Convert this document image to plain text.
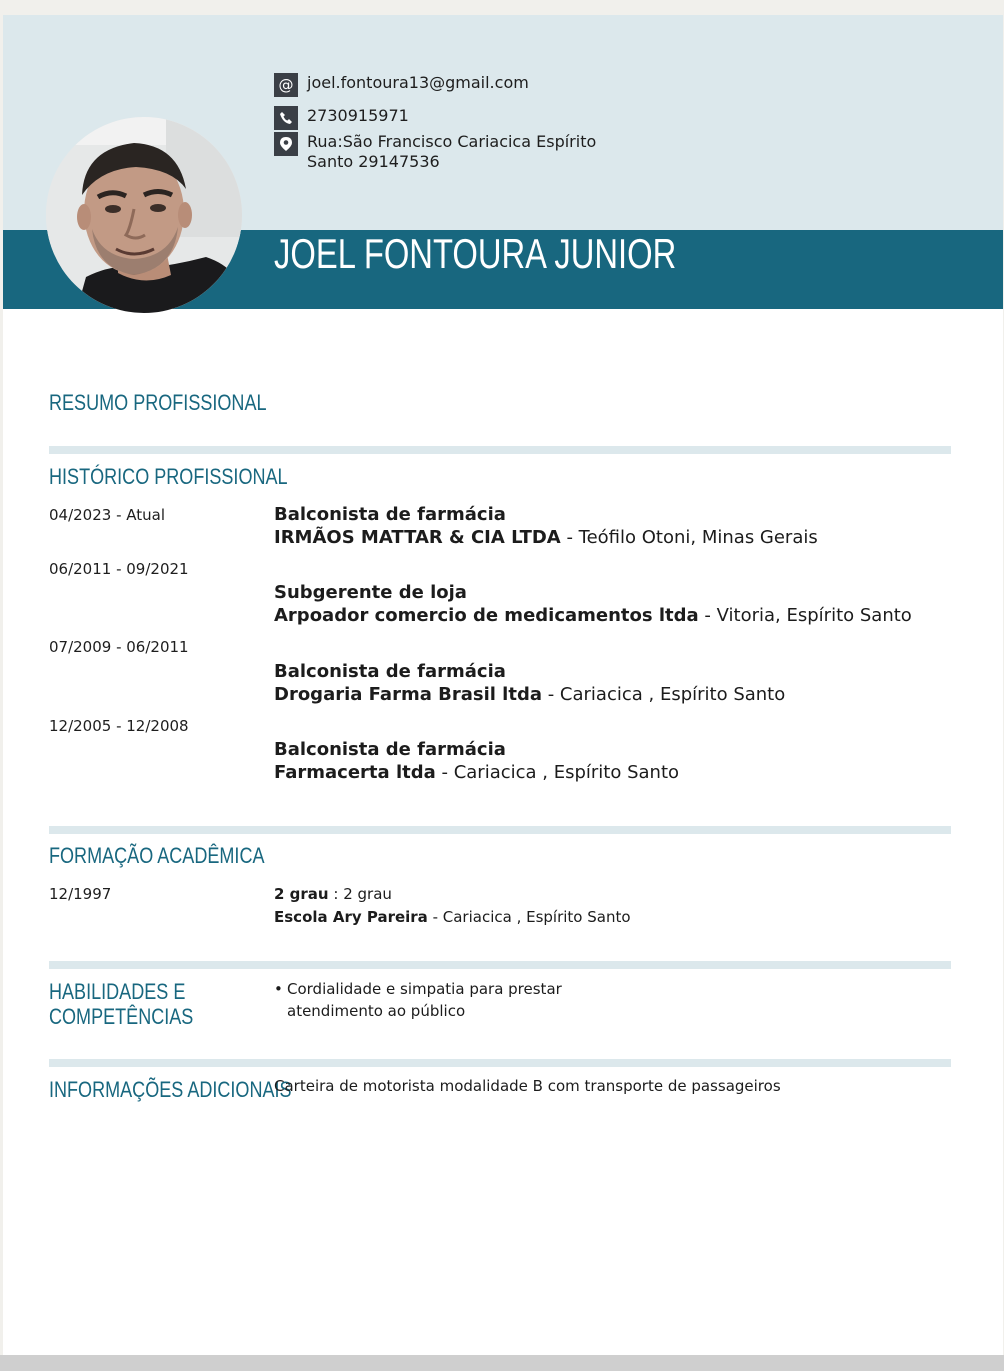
JOEL FONTOURA JUNIOR
@ joel.fontoura13@gmail.com
2730915971
Rua:São Francisco Cariacica Espírito Santo 29147536
RESUMO PROFISSIONAL
HISTÓRICO PROFISSIONAL
04/2023 - Atual	Balconista de farmácia
IRMÃOS MATTAR & CIA LTDA - Teófilo Otoni, Minas Gerais
06/2011 - 09/2021
Subgerente de loja
Arpoador comercio de medicamentos ltda - Vitoria, Espírito Santo
07/2009 - 06/2011
Balconista de farmácia
Drogaria Farma Brasil ltda - Cariacica , Espírito Santo
12/2005 - 12/2008
Balconista de farmácia
Farmacerta ltda - Cariacica , Espírito Santo
FORMAÇÃO ACADÊMICA
12/1997	2 grau : 2 grau
Escola Ary Pareira - Cariacica , Espírito Santo
HABILIDADES E
COMPETÊNCIAS
• Cordialidade e simpatia para prestar atendimento ao público
INFORMAÇÕES ADICIONAIS
Carteira de motorista modalidade B com transporte de passageiros
